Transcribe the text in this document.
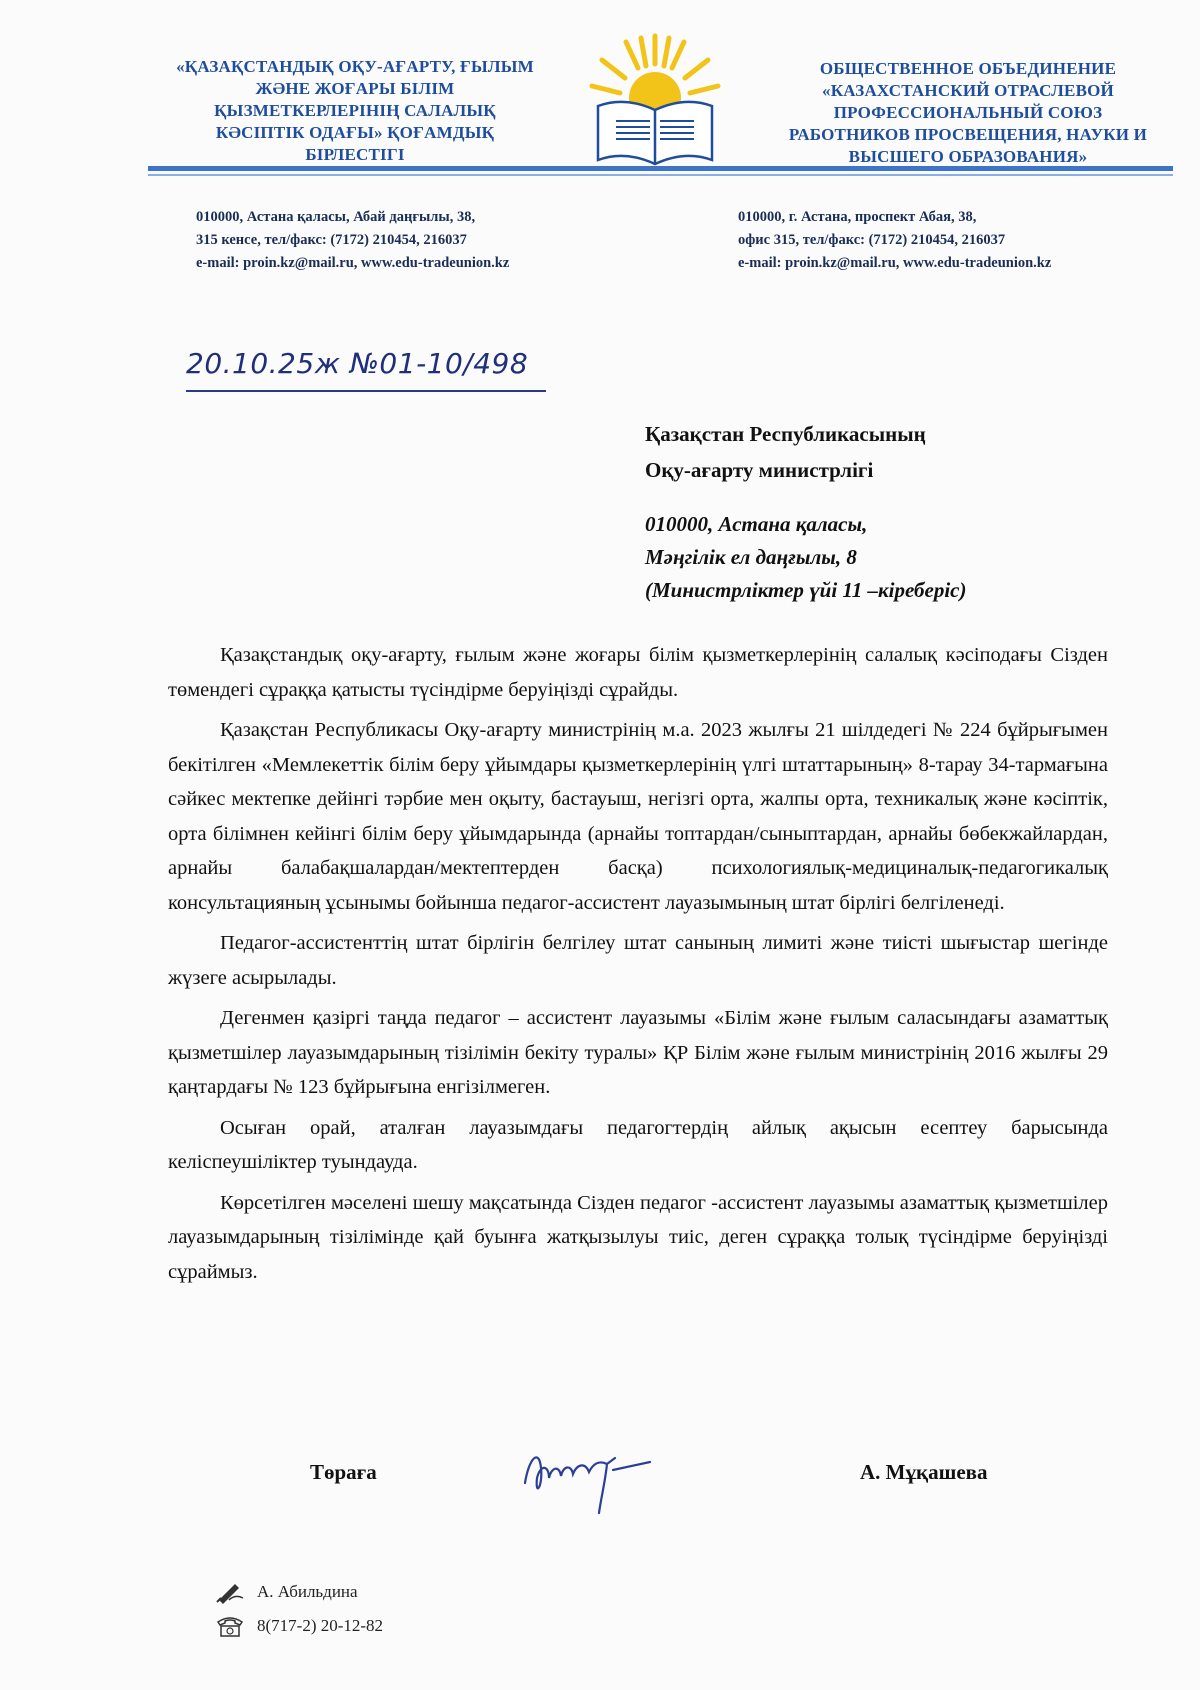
«ҚАЗАҚСТАНДЫҚ ОҚУ-АҒАРТУ, ҒЫЛЫМ
ЖӘНЕ ЖОҒАРЫ БІЛІМ
ҚЫЗМЕТКЕРЛЕРІНІҢ САЛАЛЫҚ
КӘСІПТІК ОДАҒЫ» ҚОҒАМДЫҚ
БІРЛЕСТІГІ
ОБЩЕСТВЕННОЕ ОБЪЕДИНЕНИЕ
«КАЗАХСТАНСКИЙ ОТРАСЛЕВОЙ
ПРОФЕССИОНАЛЬНЫЙ СОЮЗ
РАБОТНИКОВ ПРОСВЕЩЕНИЯ, НАУКИ И
ВЫСШЕГО ОБРАЗОВАНИЯ»
010000, Астана қаласы, Абай даңғылы, 38,
315 кенсе, тел/факс: (7172) 210454, 216037
e-mail: proin.kz@mail.ru, www.edu-tradeunion.kz
010000, г. Астана, проспект Абая, 38,
офис 315, тел/факс: (7172) 210454, 216037
e-mail: proin.kz@mail.ru, www.edu-tradeunion.kz
20.10.25ж №01-10/498
Қазақстан Республикасының
Оқу-ағарту министрлігі
010000, Астана қаласы,
Мәңгілік ел даңғылы, 8
(Министрліктер үйі 11 –кіреберіс)

Қазақстандық оқу-ағарту, ғылым және жоғары білім қызметкерлерінің салалық кәсіподағы Сізден төмендегі сұраққа қатысты түсіндірме беруіңізді сұрайды.

Қазақстан Республикасы Оқу-ағарту министрінің м.а. 2023 жылғы 21 шілдедегі № 224 бұйрығымен бекітілген «Мемлекеттік білім беру ұйымдары қызметкерлерінің үлгі штаттарының» 8-тарау 34-тармағына сәйкес мектепке дейінгі тәрбие мен оқыту, бастауыш, негізгі орта, жалпы орта, техникалық және кәсіптік, орта білімнен кейінгі білім беру ұйымдарында (арнайы топтардан/сыныптардан, арнайы бөбекжайлардан, арнайы балабақшалардан/мектептерден басқа) психологиялық-медициналық-педагогикалық консультацияның ұсынымы бойынша педагог-ассистент лауазымының штат бірлігі белгіленеді.

Педагог-ассистенттің штат бірлігін белгілеу штат санының лимиті және тиісті шығыстар шегінде жүзеге асырылады.

Дегенмен қазіргі таңда педагог – ассистент лауазымы «Білім және ғылым саласындағы азаматтық қызметшілер лауазымдарының тізілімін бекіту туралы» ҚР Білім және ғылым министрінің 2016 жылғы 29 қаңтардағы № 123 бұйрығына енгізілмеген.

Осыған орай, аталған лауазымдағы педагогтердің айлық ақысын есептеу барысында келіспеушіліктер туындауда.

Көрсетілген мәселені шешу мақсатында Сізден педагог -ассистент лауазымы азаматтық қызметшілер лауазымдарының тізілімінде қай буынға жатқызылуы тиіс, деген сұраққа толық түсіндірме беруіңізді сұраймыз.

Төраға	А. Мұқашева
А. Абильдина
8(717-2) 20-12-82
